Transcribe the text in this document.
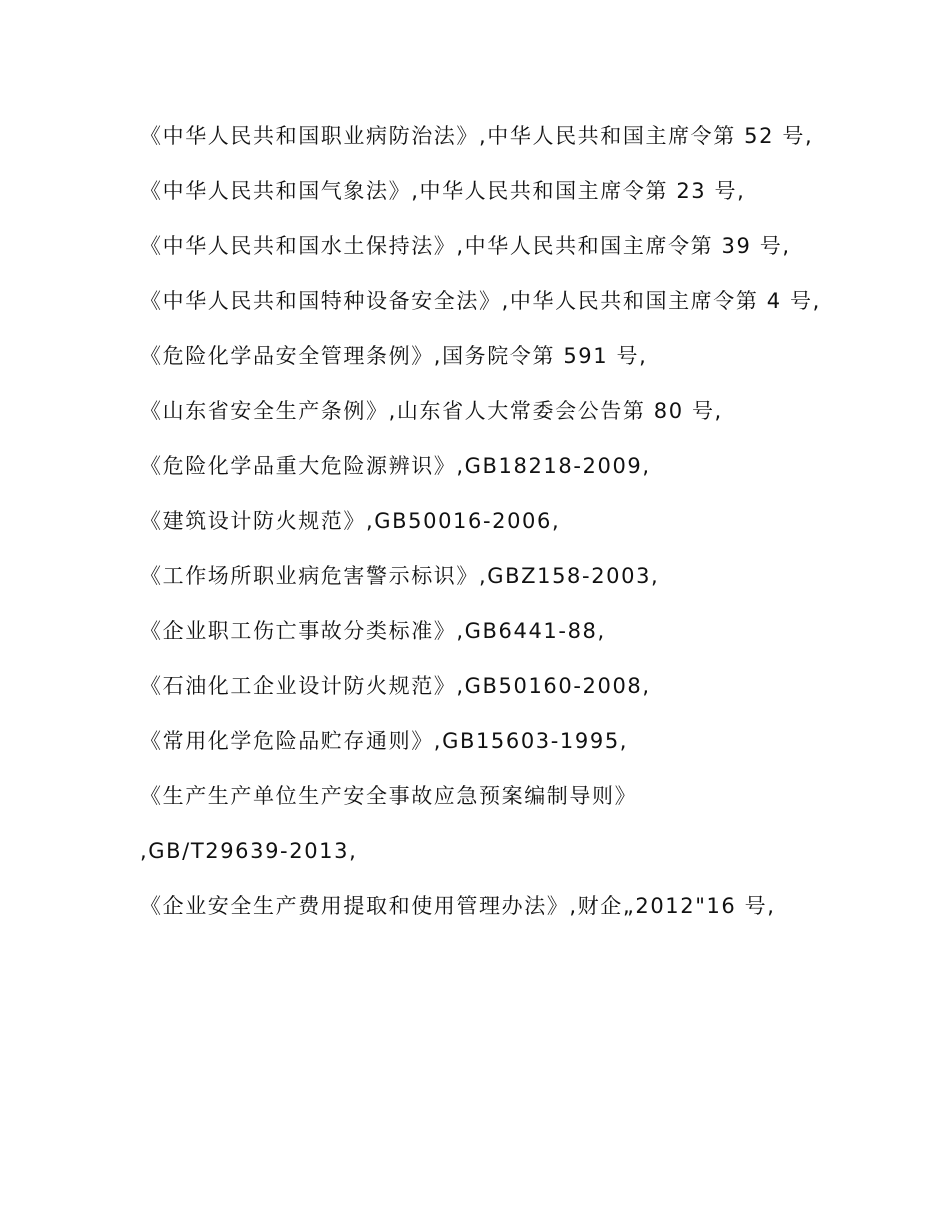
《中华人民共和国职业病防治法》,中华人民共和国主席令第 52 号,

《中华人民共和国气象法》,中华人民共和国主席令第 23 号,

《中华人民共和国水土保持法》,中华人民共和国主席令第 39 号,

《中华人民共和国特种设备安全法》,中华人民共和国主席令第 4 号,

《危险化学品安全管理条例》,国务院令第 591 号,

《山东省安全生产条例》,山东省人大常委会公告第 80 号,

《危险化学品重大危险源辨识》,GB18218-2009,

《建筑设计防火规范》,GB50016-2006,

《工作场所职业病危害警示标识》,GBZ158-2003,

《企业职工伤亡事故分类标准》,GB6441-88,

《石油化工企业设计防火规范》,GB50160-2008,

《常用化学危险品贮存通则》,GB15603-1995,

《生产生产单位生产安全事故应急预案编制导则》

,GB/T29639-2013,

《企业安全生产费用提取和使用管理办法》,财企„2012"16 号,
